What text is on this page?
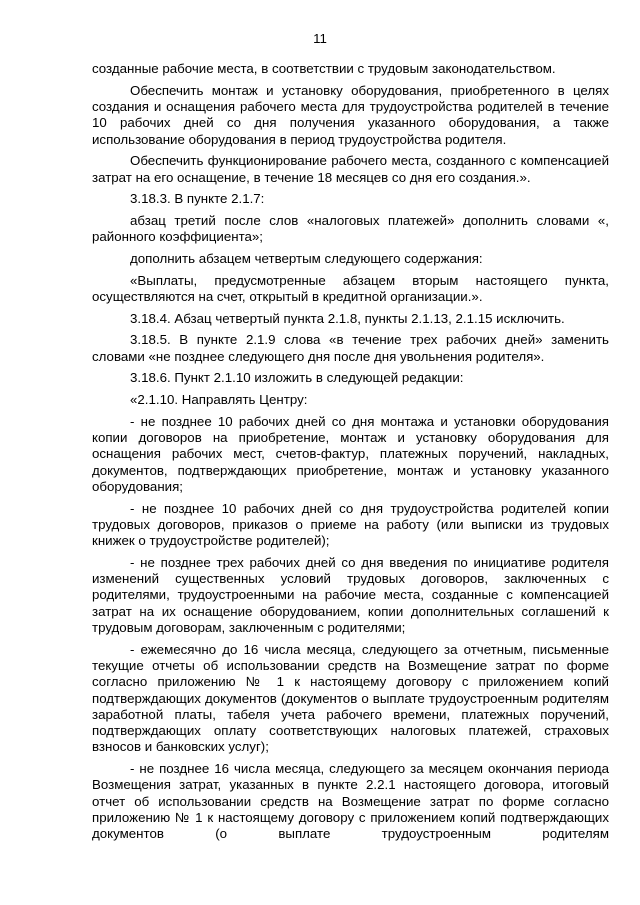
11

созданные рабочие места, в соответствии с трудовым законодательством.

Обеспечить монтаж и установку оборудования, приобретенного в целях создания и оснащения рабочего места для трудоустройства родителей в течение 10 рабочих дней со дня получения указанного оборудования, а также использование оборудования в период трудоустройства родителя.

Обеспечить функционирование рабочего места, созданного с компенсацией затрат на его оснащение, в течение 18 месяцев со дня его создания.».

3.18.3. В пункте 2.1.7:

абзац третий после слов «налоговых платежей» дополнить словами «, районного коэффициента»;

дополнить абзацем четвертым следующего содержания:

«Выплаты, предусмотренные абзацем вторым настоящего пункта, осуществляются на счет, открытый в кредитной организации.».

3.18.4. Абзац четвертый пункта 2.1.8, пункты 2.1.13, 2.1.15 исключить.

3.18.5. В пункте 2.1.9 слова «в течение трех рабочих дней» заменить словами «не позднее следующего дня после дня увольнения родителя».

3.18.6. Пункт 2.1.10 изложить в следующей редакции:

«2.1.10. Направлять Центру:

- не позднее 10 рабочих дней со дня монтажа и установки оборудования копии договоров на приобретение, монтаж и установку оборудования для оснащения рабочих мест, счетов-фактур, платежных поручений, накладных, документов, подтверждающих приобретение, монтаж и установку указанного оборудования;

- не позднее 10 рабочих дней со дня трудоустройства родителей копии трудовых договоров, приказов о приеме на работу (или выписки из трудовых книжек о трудоустройстве родителей);

- не позднее трех рабочих дней со дня введения по инициативе родителя изменений существенных условий трудовых договоров, заключенных с родителями, трудоустроенными на рабочие места, созданные с компенсацией затрат на их оснащение оборудованием, копии дополнительных соглашений к трудовым договорам, заключенным с родителями;

- ежемесячно до 16 числа месяца, следующего за отчетным, письменные текущие отчеты об использовании средств на Возмещение затрат по форме согласно приложению № 1 к настоящему договору с приложением копий подтверждающих документов (документов о выплате трудоустроенным родителям заработной платы, табеля учета рабочего времени, платежных поручений, подтверждающих оплату соответствующих налоговых платежей, страховых взносов и банковских услуг);

- не позднее 16 числа месяца, следующего за месяцем окончания периода Возмещения затрат, указанных в пункте 2.2.1 настоящего договора, итоговый отчет об использовании средств на Возмещение затрат по форме согласно приложению № 1 к настоящему договору с приложением копий подтверждающих документов (о выплате трудоустроенным родителям
